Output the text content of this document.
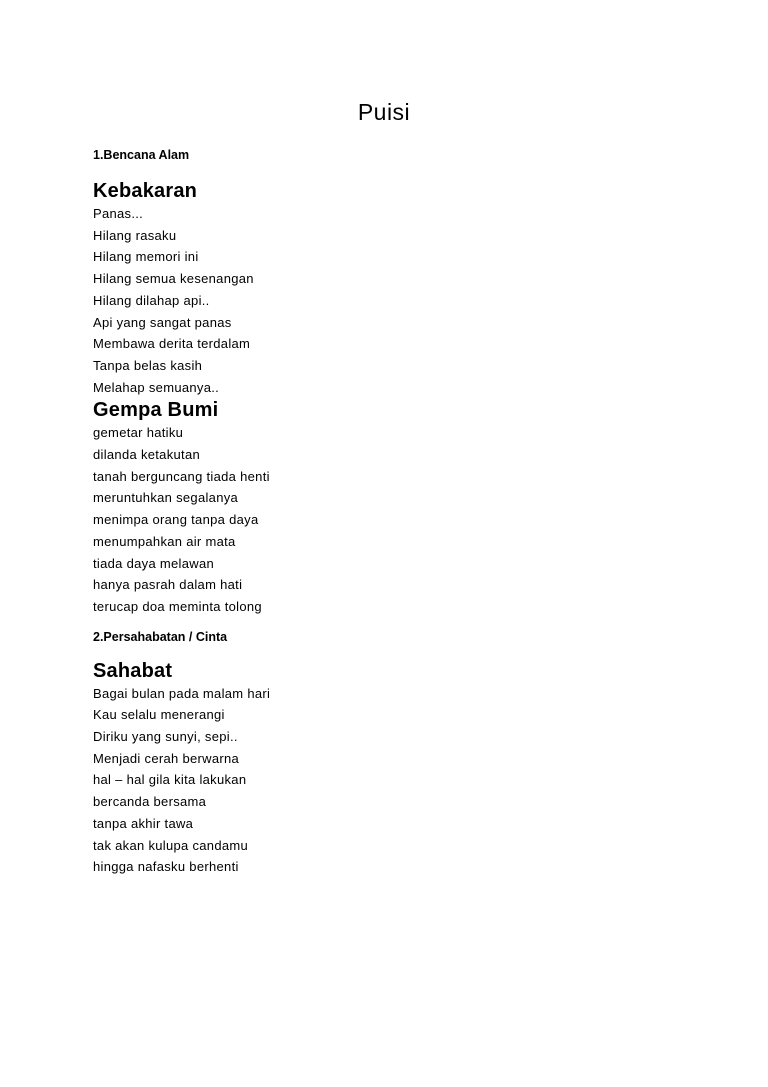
Puisi
1.Bencana Alam
Kebakaran
Panas...
Hilang rasaku
Hilang memori ini
Hilang semua kesenangan
Hilang dilahap api..
Api yang sangat panas
Membawa derita terdalam
Tanpa belas kasih
Melahap semuanya..
Gempa Bumi
gemetar hatiku
dilanda ketakutan
tanah berguncang tiada henti
meruntuhkan segalanya
menimpa orang tanpa daya
menumpahkan air mata
tiada daya melawan
hanya pasrah dalam hati
terucap doa meminta tolong
2.Persahabatan / Cinta
Sahabat
Bagai bulan pada malam hari
Kau selalu menerangi
Diriku yang sunyi, sepi..
Menjadi cerah berwarna
hal – hal gila kita lakukan
bercanda bersama
tanpa akhir tawa
tak akan kulupa candamu
hingga nafasku berhenti
